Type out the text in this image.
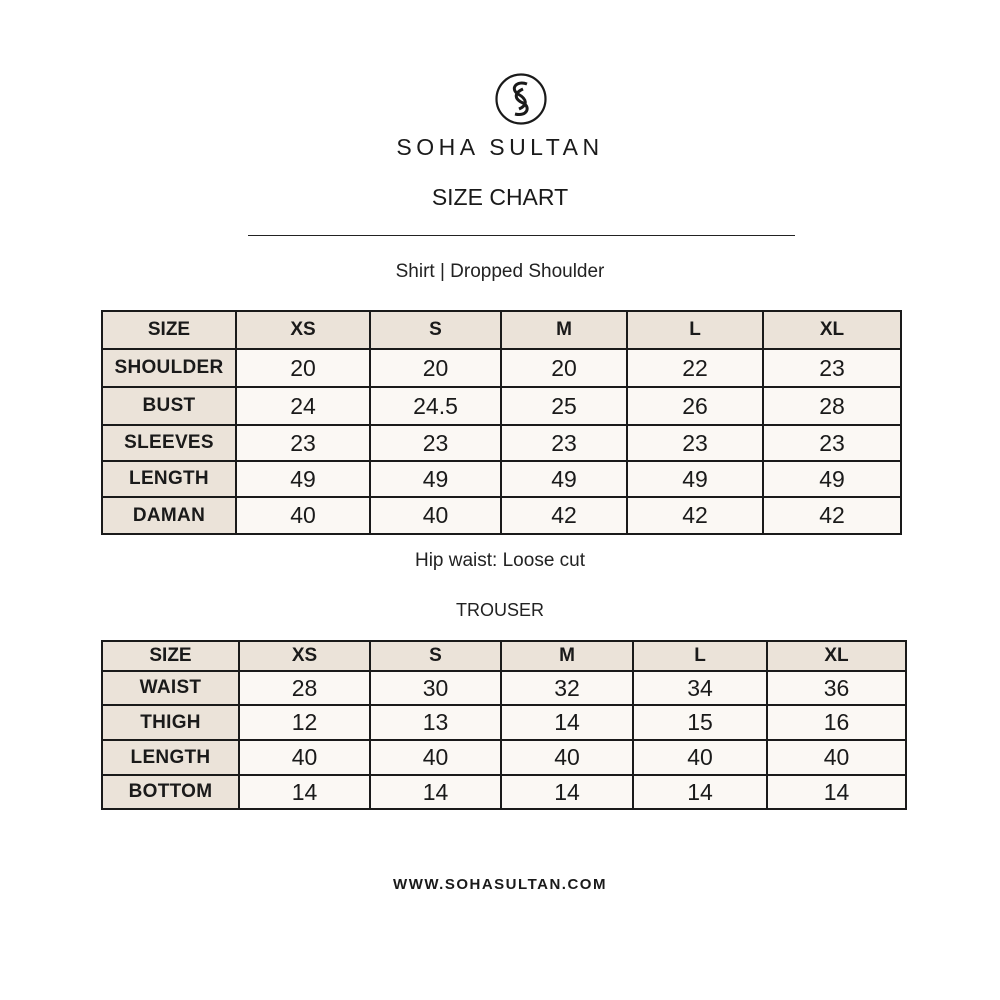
SOHA SULTAN
SIZE CHART
Shirt | Dropped Shoulder
SIZE	XS	S	M	L	XL
SHOULDER	20	20	20	22	23
BUST	24	24.5	25	26	28
SLEEVES	23	23	23	23	23
LENGTH	49	49	49	49	49
DAMAN	40	40	42	42	42
Hip waist: Loose cut
TROUSER
SIZE	XS	S	M	L	XL
WAIST	28	30	32	34	36
THIGH	12	13	14	15	16
LENGTH	40	40	40	40	40
BOTTOM	14	14	14	14	14
WWW.SOHASULTAN.COM
